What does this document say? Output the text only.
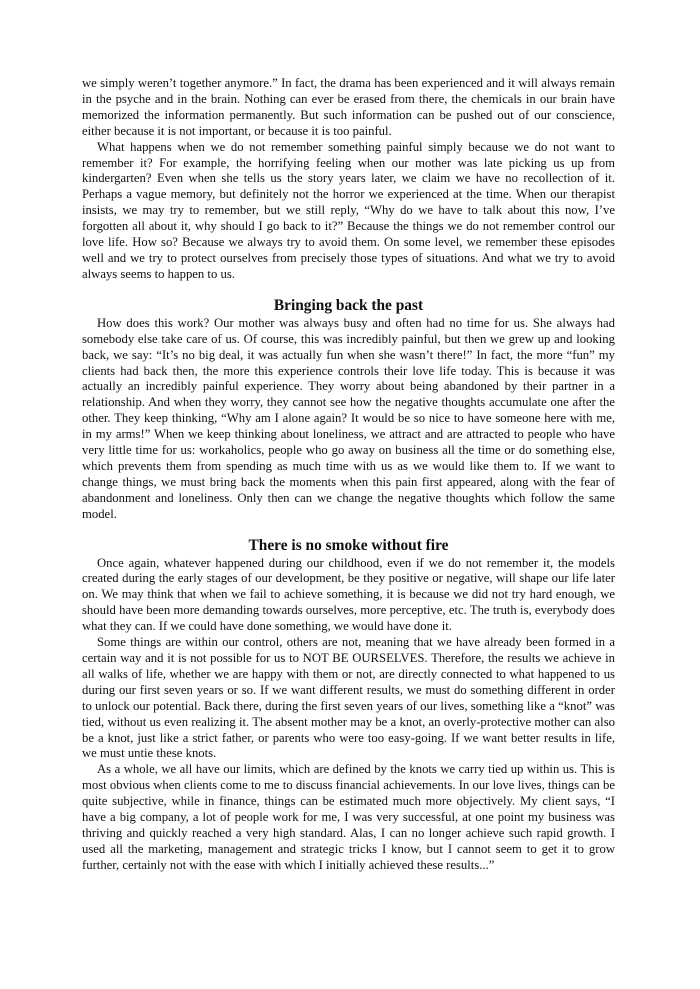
we simply weren’t together anymore.” In fact, the drama has been experienced and it will always remain in the psyche and in the brain. Nothing can ever be erased from there, the chemicals in our brain have memorized the information permanently. But such information can be pushed out of our conscience, either because it is not important, or because it is too painful.

What happens when we do not remember something painful simply because we do not want to remember it? For example, the horrifying feeling when our mother was late picking us up from kindergarten? Even when she tells us the story years later, we claim we have no recollection of it. Perhaps a vague memory, but definitely not the horror we experienced at the time. When our therapist insists, we may try to remember, but we still reply, “Why do we have to talk about this now, I’ve forgotten all about it, why should I go back to it?” Because the things we do not remember control our love life. How so? Because we always try to avoid them. On some level, we remember these episodes well and we try to protect ourselves from precisely those types of situations. And what we try to avoid always seems to happen to us.

Bringing back the past

How does this work? Our mother was always busy and often had no time for us. She always had somebody else take care of us. Of course, this was incredibly painful, but then we grew up and looking back, we say: “It’s no big deal, it was actually fun when she wasn’t there!” In fact, the more “fun” my clients had back then, the more this experience controls their love life today. This is because it was actually an incredibly painful experience. They worry about being abandoned by their partner in a relationship. And when they worry, they cannot see how the negative thoughts accumulate one after the other. They keep thinking, “Why am I alone again? It would be so nice to have someone here with me, in my arms!” When we keep thinking about loneliness, we attract and are attracted to people who have very little time for us: workaholics, people who go away on business all the time or do something else, which prevents them from spending as much time with us as we would like them to. If we want to change things, we must bring back the moments when this pain first appeared, along with the fear of abandonment and loneliness. Only then can we change the negative thoughts which follow the same model.

There is no smoke without fire

Once again, whatever happened during our childhood, even if we do not remember it, the models created during the early stages of our development, be they positive or negative, will shape our life later on. We may think that when we fail to achieve something, it is because we did not try hard enough, we should have been more demanding towards ourselves, more perceptive, etc. The truth is, everybody does what they can. If we could have done something, we would have done it.

Some things are within our control, others are not, meaning that we have already been formed in a certain way and it is not possible for us to NOT BE OURSELVES. Therefore, the results we achieve in all walks of life, whether we are happy with them or not, are directly connected to what happened to us during our first seven years or so. If we want different results, we must do something different in order to unlock our potential. Back there, during the first seven years of our lives, something like a “knot” was tied, without us even realizing it. The absent mother may be a knot, an overly-protective mother can also be a knot, just like a strict father, or parents who were too easy-going. If we want better results in life, we must untie these knots.

As a whole, we all have our limits, which are defined by the knots we carry tied up within us. This is most obvious when clients come to me to discuss financial achievements. In our love lives, things can be quite subjective, while in finance, things can be estimated much more objectively. My client says, “I have a big company, a lot of people work for me, I was very successful, at one point my business was thriving and quickly reached a very high standard. Alas, I can no longer achieve such rapid growth. I used all the marketing, management and strategic tricks I know, but I cannot seem to get it to grow further, certainly not with the ease with which I initially achieved these results...”
